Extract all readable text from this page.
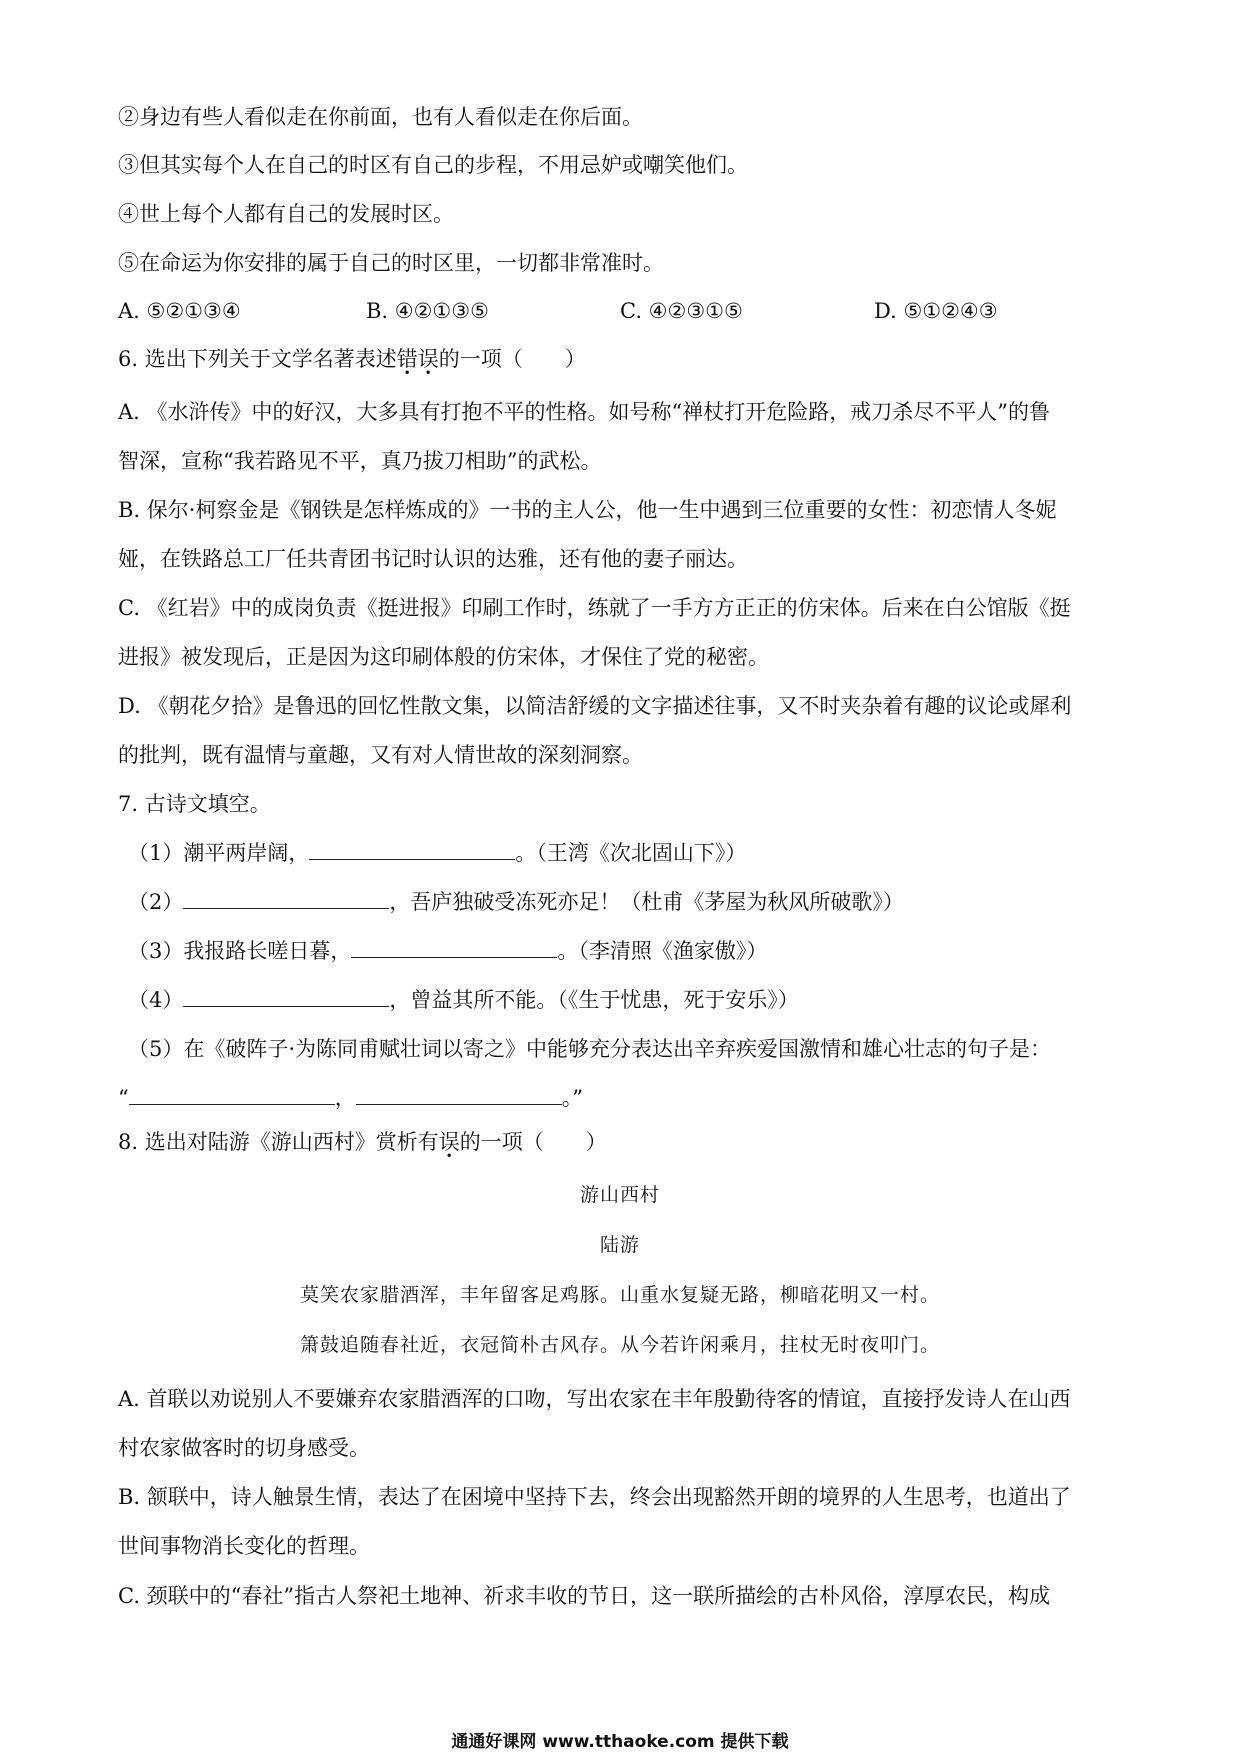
②身边有些人看似走在你前面，也有人看似走在你后面。
③但其实每个人在自己的时区有自己的步程，不用忌妒或嘲笑他们。
④世上每个人都有自己的发展时区。
⑤在命运为你安排的属于自己的时区里，一切都非常准时。
A. ⑤②①③④	B. ④②①③⑤	C. ④②③①⑤	D. ⑤①②④③
6. 选出下列关于文学名著表述错误的一项（　　）
A. 《水浒传》中的好汉，大多具有打抱不平的性格。如号称“禅杖打开危险路，戒刀杀尽不平人”的鲁
智深，宣称“我若路见不平，真乃拔刀相助”的武松。
B. 保尔·柯察金是《钢铁是怎样炼成的》一书的主人公，他一生中遇到三位重要的女性：初恋情人冬妮
娅，在铁路总工厂任共青团书记时认识的达雅，还有他的妻子丽达。
C. 《红岩》中的成岗负责《挺进报》印刷工作时，练就了一手方方正正的仿宋体。后来在白公馆版《挺
进报》被发现后，正是因为这印刷体般的仿宋体，才保住了党的秘密。
D. 《朝花夕拾》是鲁迅的回忆性散文集，以简洁舒缓的文字描述往事，又不时夹杂着有趣的议论或犀利
的批判，既有温情与童趣，又有对人情世故的深刻洞察。
7. 古诗文填空。
（1）潮平两岸阔，	。（王湾《次北固山下》）
（2）	，吾庐独破受冻死亦足！（杜甫《茅屋为秋风所破歌》）
（3）我报路长嗟日暮，	。（李清照《渔家傲》）
（4）	，曾益其所不能。（《生于忧患，死于安乐》）
（5）在《破阵子·为陈同甫赋壮词以寄之》中能够充分表达出辛弃疾爱国激情和雄心壮志的句子是：
“	，	。”
8. 选出对陆游《游山西村》赏析有误的一项（　　）
游山西村
陆游
莫笑农家腊酒浑，丰年留客足鸡豚。山重水复疑无路，柳暗花明又一村。
箫鼓追随春社近，衣冠简朴古风存。从今若许闲乘月，拄杖无时夜叩门。
A. 首联以劝说别人不要嫌弃农家腊酒浑的口吻，写出农家在丰年殷勤待客的情谊，直接抒发诗人在山西
村农家做客时的切身感受。
B. 颔联中，诗人触景生情，表达了在困境中坚持下去，终会出现豁然开朗的境界的人生思考，也道出了
世间事物消长变化的哲理。
C. 颈联中的“春社”指古人祭祀土地神、祈求丰收的节日，这一联所描绘的古朴风俗，淳厚农民，构成
通通好课网 www.tthaoke.com 提供下载
